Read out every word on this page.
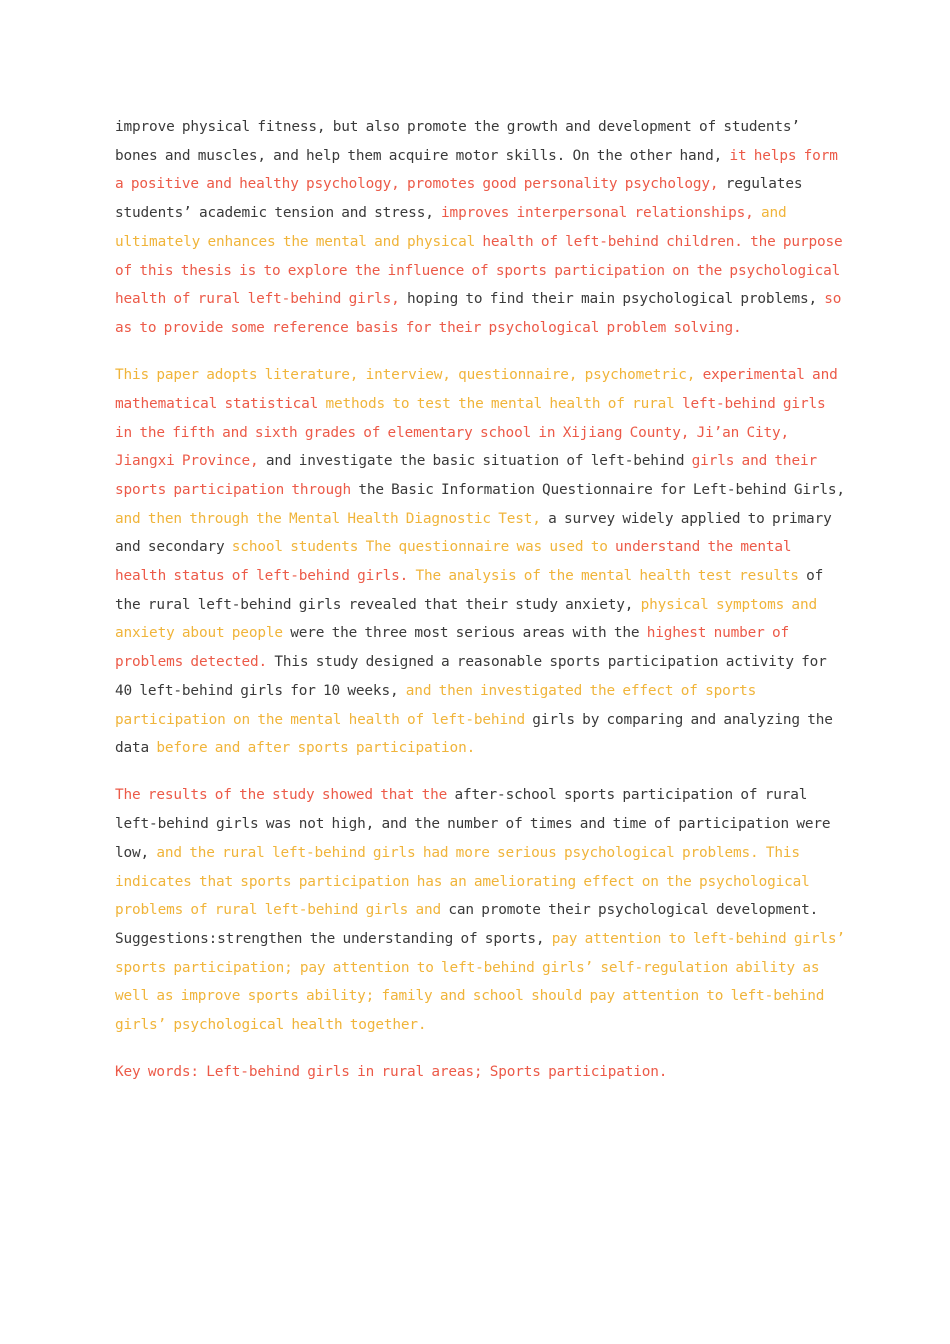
improve physical fitness, but also promote the growth and development of students’ bones and muscles, and help them acquire motor skills. On the other hand, it helps form a positive and healthy psychology, promotes good personality psychology, regulates students’ academic tension and stress, improves interpersonal relationships, and ultimately enhances the mental and physical health of left-behind children. the purpose of this thesis is to explore the influence of sports participation on the psychological health of rural left-behind girls, hoping to find their main psychological problems, so as to provide some reference basis for their psychological problem solving.

This paper adopts literature, interview, questionnaire, psychometric, experimental and mathematical statistical methods to test the mental health of rural left-behind girls in the fifth and sixth grades of elementary school in Xijiang County, Ji’an City, Jiangxi Province, and investigate the basic situation of left-behind girls and their sports participation through the Basic Information Questionnaire for Left-behind Girls, and then through the Mental Health Diagnostic Test, a survey widely applied to primary and secondary school students The questionnaire was used to understand the mental health status of left-behind girls. The analysis of the mental health test results of the rural left-behind girls revealed that their study anxiety, physical symptoms and anxiety about people were the three most serious areas with the highest number of problems detected. This study designed a reasonable sports participation activity for 40 left-behind girls for 10 weeks, and then investigated the effect of sports participation on the mental health of left-behind girls by comparing and analyzing the data before and after sports participation.

The results of the study showed that the after-school sports participation of rural left-behind girls was not high, and the number of times and time of participation were low, and the rural left-behind girls had more serious psychological problems. This indicates that sports participation has an ameliorating effect on the psychological problems of rural left-behind girls and can promote their psychological development. Suggestions:strengthen the understanding of sports, pay attention to left-behind girls’ sports participation; pay attention to left-behind girls’ self-regulation ability as well as improve sports ability; family and school should pay attention to left-behind girls’ psychological health together.

Key words: Left-behind girls in rural areas; Sports participation.
